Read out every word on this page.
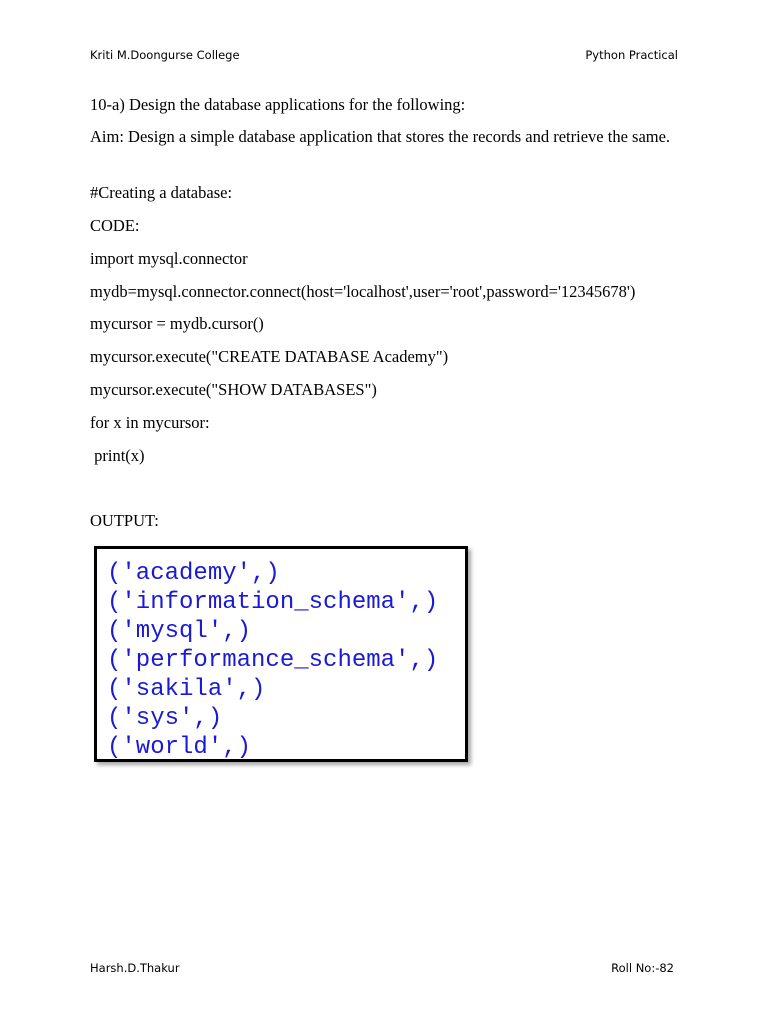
Kriti M.Doongurse College	Python Practical
10-a) Design the database applications for the following:
Aim: Design a simple database application that stores the records and retrieve the same.
#Creating a database:
CODE:
import mysql.connector
mydb=mysql.connector.connect(host='localhost',user='root',password='12345678')
mycursor = mydb.cursor()
mycursor.execute("CREATE DATABASE Academy")
mycursor.execute("SHOW DATABASES")
for x in mycursor:
print(x)
OUTPUT:
('academy',)
('information_schema',)
('mysql',)
('performance_schema',)
('sakila',)
('sys',)
('world',)
Harsh.D.Thakur	Roll No:-82
